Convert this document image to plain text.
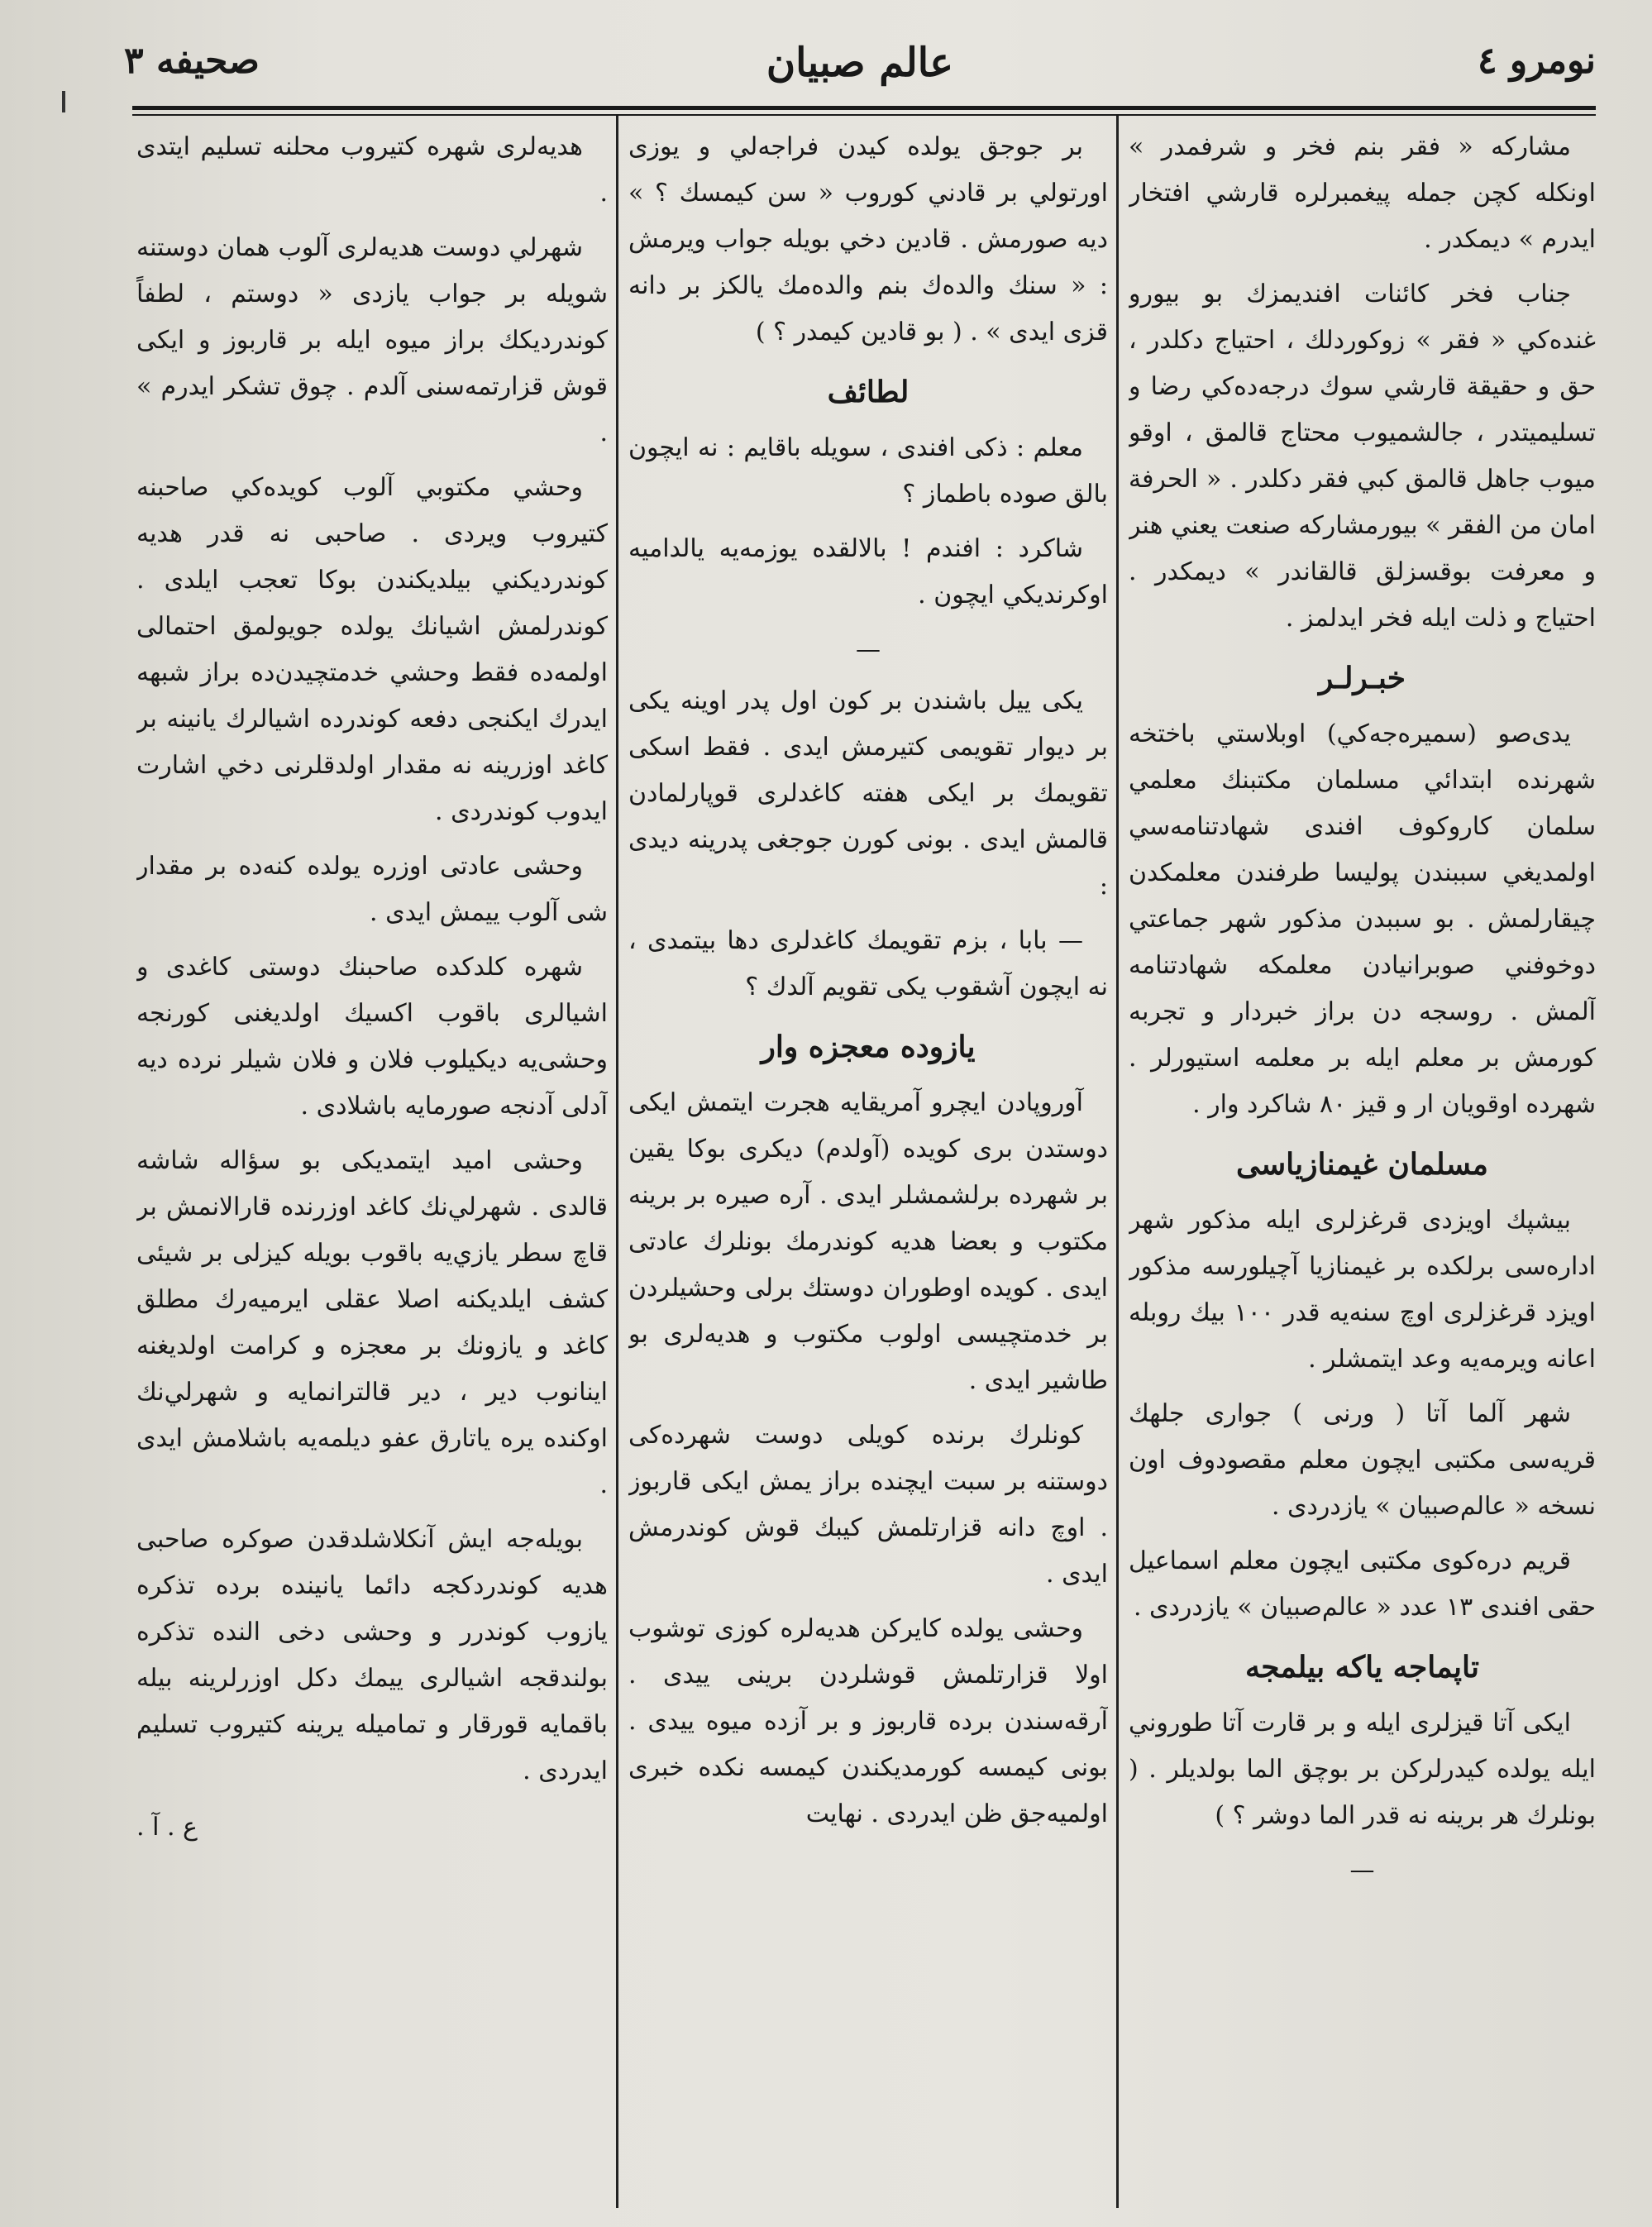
نومرو ٤
عالم صبيان
صحيفه ٣

مشاركه « فقر بنم فخر و شرفمدر » اونكله كچن جمله پيغمبرلره قارشي افتخار ايدرم » ديمكدر .

جناب فخر كائنات افنديمزك بو بيورو غنده‌كي « فقر » زوكوردلك ، احتياج دكلدر ، حق و حقيقة قارشي سوك درجه‌ده‌كي رضا و تسليميتدر ، جالشميوب محتاج قالمق ، اوقو ميوب جاهل قالمق كبي فقر دكلدر . « الحرفة امان من الفقر » بيورمشاركه صنعت يعني هنر و معرفت بوقسزلق قالقاندر » ديمكدر . احتياج و ذلت ايله فخر ايدلمز .

خبـرلـر

يدى‌صو (سميره‌جه‌كي) اوبلاستي باختخه شهرنده ابتدائي مسلمان مكتبنك معلمي سلمان كاروكوف افندى شهادتنامه‌سي اولمديغي سببندن پوليسا طرفندن معلمكدن چيقارلمش . بو سببدن مذكور شهر جماعتي دوخوفني صوبرانيادن معلمكه شهادتنامه آلمش . روسجه دن براز خبردار و تجربه كورمش بر معلم ايله بر معلمه استيورلر . شهرده اوقويان ار و قيز ٨٠ شاكرد وار .

مسلمان غيمنازياسى

بيشپك اويزدى قرغزلرى ايله مذكور شهر اداره‌سى برلكده بر غيمنازيا آچيلورسه مذكور اويزد قرغزلرى اوچ سنه‌يه قدر ١٠٠ بيك روبله اعانه ويرمه‌يه وعد ايتمشلر .

شهر آلما آتا ( ورنى ) جوارى جلهك قريه‌سى مكتبى ايچون معلم مقصودوف اون نسخه « عالم‌صبيان » يازدردى .

قريم دره‌كوى مكتبى ايچون معلم اسماعيل حقى افندى ١٣ عدد « عالم‌صبيان » يازدردى .

تاپماجه ياكه بيلمجه

ايكى آتا قيزلرى ايله و بر قارت آتا طوروني ايله يولده كيدرلركن بر بوچق الما بولديلر . ( بونلرك هر برينه نه قدر الما دوشر ؟ )

—

بر جوجق يولده كيدن فراجه‌لي و يوزى اورتولي بر قادني كوروب « سن كيمسك ؟ » ديه صورمش . قادين دخي بويله جواب ويرمش : « سنك والده‌ك بنم والده‌مك يالكز بر دانه قزى ايدى » . ( بو قادين كيمدر ؟ )

لطائف

معلم : ذكى افندى ، سويله باقايم : نه ايچون بالق صوده باطماز ؟

شاكرد : افندم ! بالالقده يوزمه‌يه يالداميه اوكرنديكي ايچون .

—

يكى ييل باشندن بر كون اول پدر اوينه يكى بر ديوار تقويمى كتيرمش ايدى . فقط اسكى تقويمك بر ايكى هفته كاغدلرى قوپارلمادن قالمش ايدى . بونى كورن جوجغى پدرينه ديدى :

— بابا ، بزم تقويمك كاغدلرى دها بيتمدى ، نه ايچون آشقوب يكى تقويم آلدك ؟

يازوده معجزه وار

آوروپادن ايچرو آمريقايه هجرت ايتمش ايكى دوستدن برى كويده (آولدم) ديكرى بوكا يقين بر شهرده برلشمشلر ايدى . آره صيره بر برينه مكتوب و بعضا هديه كوندرمك بونلرك عادتى ايدى . كويده اوطوران دوستك برلى وحشيلردن بر خدمتچيسى اولوب مكتوب و هديه‌لرى بو طاشير ايدى .

كونلرك برنده كويلى دوست شهرده‌كى دوستنه بر سبت ايچنده براز يمش ايكى قاربوز . اوچ دانه قزارتلمش كيبك قوش كوندرمش ايدى .

وحشى يولده كايركن هديه‌لره كوزى توشوب اولا قزارتلمش قوشلردن برينى ييدى . آرقه‌سندن برده قاربوز و بر آزده ميوه ييدى . بونى كيمسه كورمديكندن كيمسه نكده خبرى اولميه‌جق ظن ايدردى . نهايت

هديه‌لرى شهره كتيروب محلنه تسليم ايتدى .

شهرلي دوست هديه‌لرى آلوب همان دوستنه شويله بر جواب يازدى « دوستم ، لطفاً كوندرديكك براز ميوه ايله بر قاربوز و ايكى قوش قزارتمه‌سنى آلدم . چوق تشكر ايدرم » .

وحشي مكتوبي آلوب كويده‌كي صاحبنه كتيروب ويردى . صاحبى نه قدر هديه كوندرديكني بيلديكندن بوكا تعجب ايلدى . كوندرلمش اشيانك يولده جويولمق احتمالى اولمه‌ده فقط وحشي خدمتچيدن‌ده براز شبهه ايدرك ايكنجى دفعه كوندرده اشيالرك يانينه بر كاغد اوزرينه نه مقدار اولدقلرنى دخي اشارت ايدوب كوندردى .

وحشى عادتى اوزره يولده كنه‌ده بر مقدار شى آلوب ييمش ايدى .

شهره كلدكده صاحبنك دوستى كاغدى و اشيالرى باقوب اكسيك اولديغنى كورنجه وحشى‌يه ديكيلوب فلان و فلان شيلر نرده ديه آدلى آدنجه صورمايه باشلادى .

وحشى اميد ايتمديكى بو سؤاله شاشه قالدى . شهرلي‌نك كاغد اوزرنده قارالانمش بر قاچ سطر يازي‌يه باقوب بويله كيزلى بر شيئى كشف ايلديكنه اصلا عقلى ايرميه‌رك مطلق كاغد و يازونك بر معجزه و كرامت اولديغنه اينانوب دير ، دير قالترانمايه و شهرلي‌نك اوكنده يره ياتارق عفو ديلمه‌يه باشلامش ايدى .

بويله‌جه ايش آنكلاشلدقدن صوكره صاحبى هديه كوندردكجه دائما يانينده برده تذكره يازوب كوندرر و وحشى دخى النده تذكره بولندقجه اشيالرى ييمك دكل اوزرلرينه بيله باقمايه قورقار و تماميله يرينه كتيروب تسليم ايدردى .

ع . آ .
